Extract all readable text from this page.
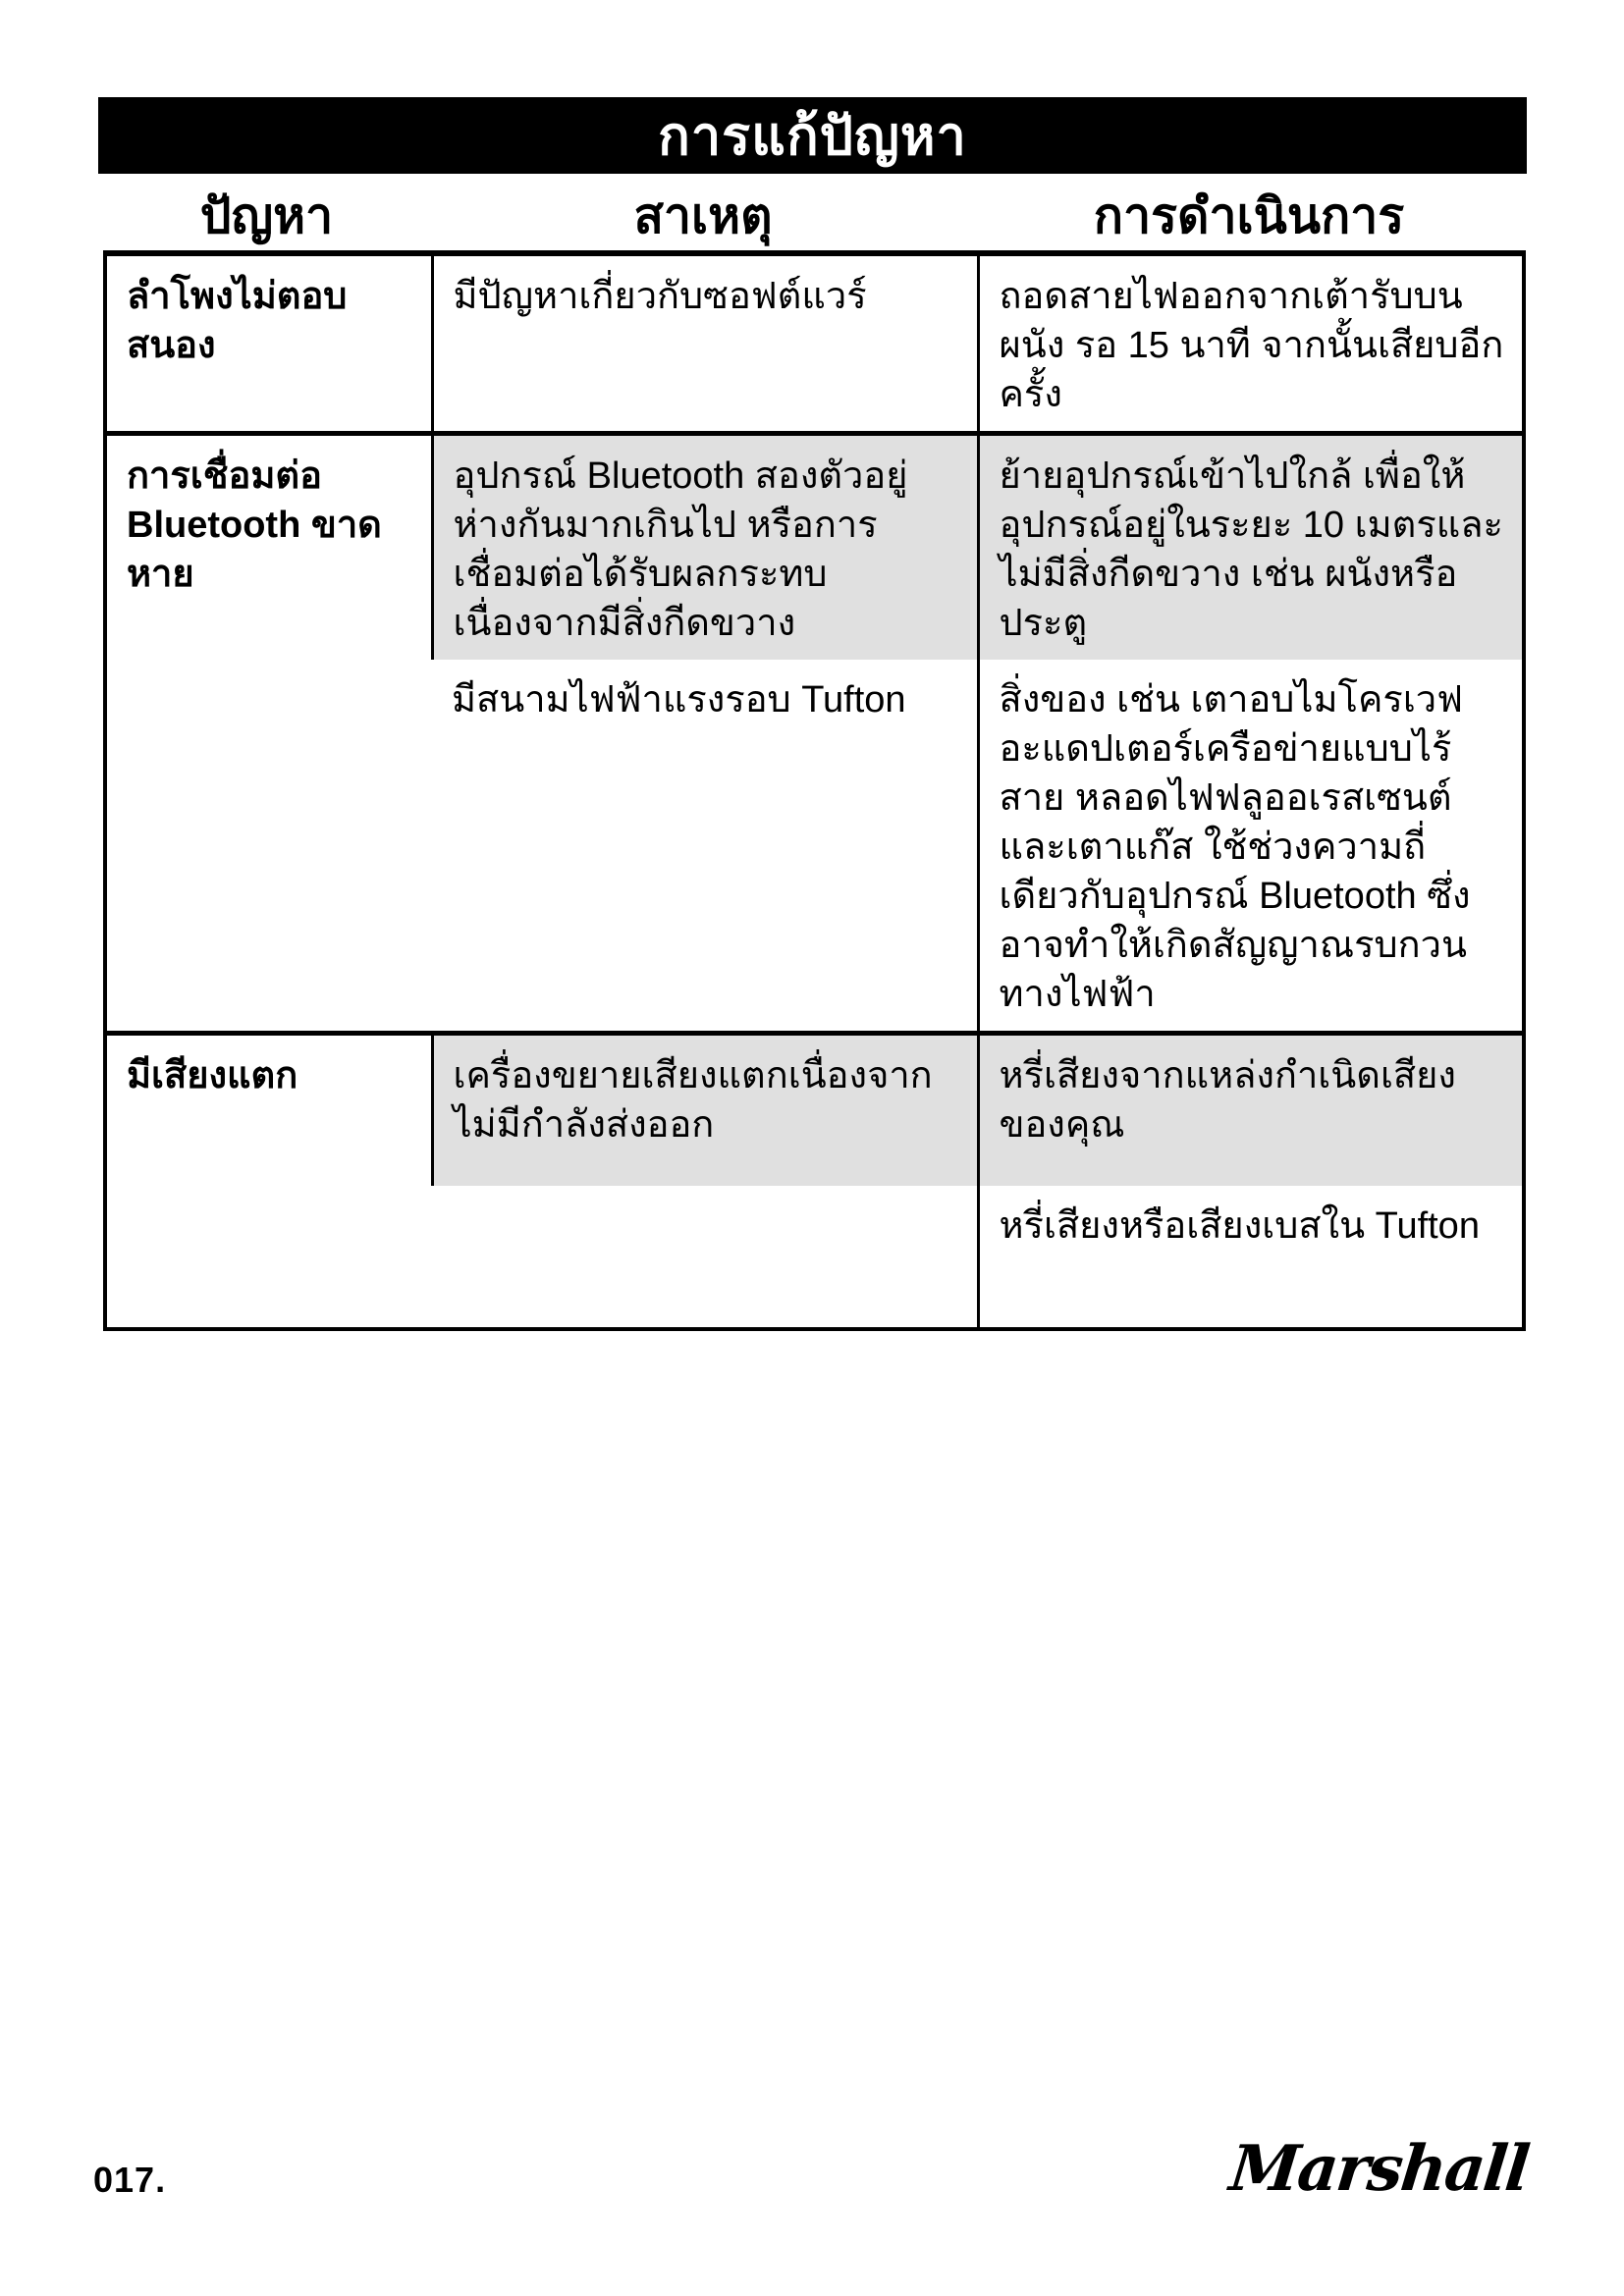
การแก้ปัญหา
ปัญหา	สาเหตุ	การดำเนินการ
ลำโพงไม่ตอบสนอง	มีปัญหาเกี่ยวกับซอฟต์แวร์	ถอดสายไฟออกจากเต้ารับบนผนัง รอ 15 นาที จากนั้นเสียบอีกครั้ง
การเชื่อมต่อ Bluetooth ขาดหาย	อุปกรณ์ Bluetooth สองตัวอยู่ห่างกันมากเกินไป หรือการเชื่อมต่อได้รับผลกระทบเนื่องจากมีสิ่งกีดขวาง	ย้ายอุปกรณ์เข้าไปใกล้ เพื่อให้อุปกรณ์อยู่ในระยะ 10 เมตรและไม่มีสิ่งกีดขวาง เช่น ผนังหรือประตู
	มีสนามไฟฟ้าแรงรอบ Tufton	สิ่งของ เช่น เตาอบไมโครเวฟ อะแดปเตอร์เครือข่ายแบบไร้สาย หลอดไฟฟลูออเรสเซนต์ และเตาแก๊ส ใช้ช่วงความถี่เดียวกับอุปกรณ์ Bluetooth ซึ่งอาจทำให้เกิดสัญญาณรบกวนทางไฟฟ้า
มีเสียงแตก	เครื่องขยายเสียงแตกเนื่องจากไม่มีกำลังส่งออก	หรี่เสียงจากแหล่งกำเนิดเสียงของคุณ
		หรี่เสียงหรือเสียงเบสใน Tufton
017.	Marshall
